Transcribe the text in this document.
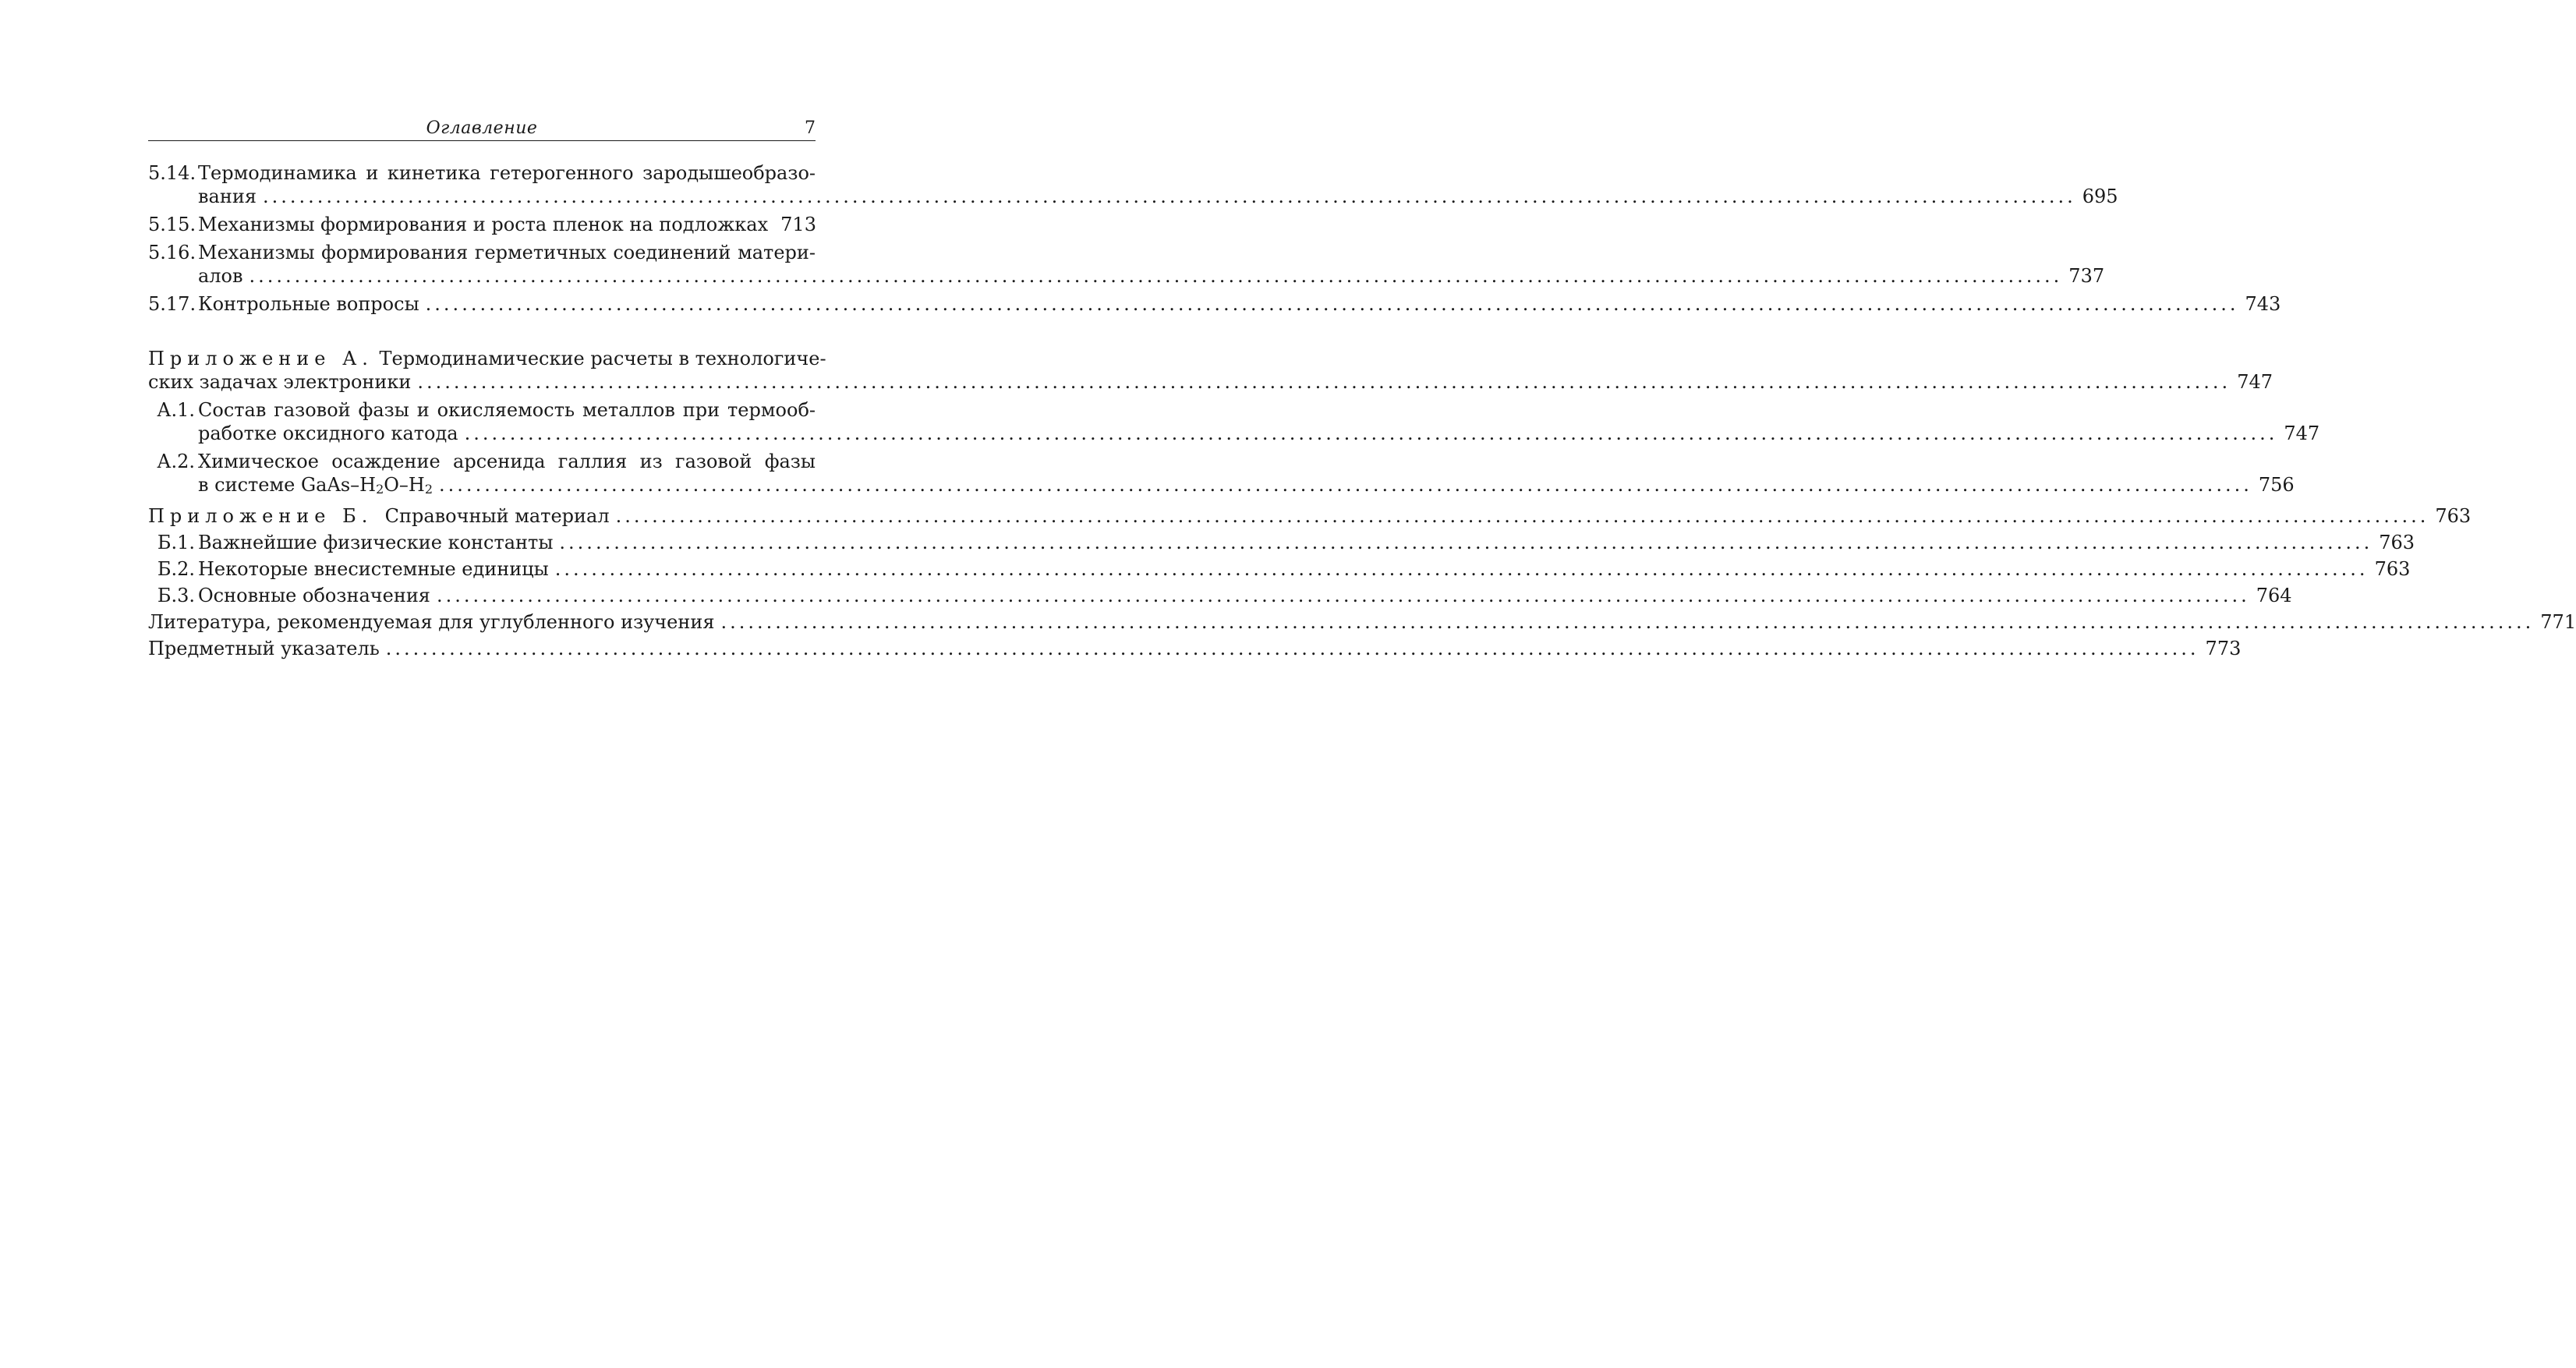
Оглавление	7
5.14. Термодинамика и кинетика гетерогенного зародышеобразо-
вания ........................................................................................................................................................................................................ 695
5.15. Механизмы формирования и роста пленок на подложках 713
5.16. Механизмы формирования герметичных соединений матери-
алов ........................................................................................................................................................................................................ 737
5.17. Контрольные вопросы ........................................................................................................................................................................................................ 743
Приложение А. Термодинамические расчеты в технологиче-
ских задачах электроники ........................................................................................................................................................................................................ 747
А.1. Состав газовой фазы и окисляемость металлов при термооб-
работке оксидного катода ........................................................................................................................................................................................................ 747
А.2. Химическое осаждение арсенида галлия из газовой фазы
в системе GaAs–$H_2O-H_2$ ........................................................................................................................................................................................................ 756
Приложение Б. Справочный материал ........................................................................................................................................................................................................ 763
Б.1. Важнейшие физические константы ........................................................................................................................................................................................................ 763
Б.2. Некоторые внесистемные единицы ........................................................................................................................................................................................................ 763
Б.3. Основные обозначения ........................................................................................................................................................................................................ 764
Литература, рекомендуемая для углубленного изучения ........................................................................................................................................................................................................ 771
Предметный указатель ........................................................................................................................................................................................................ 773
